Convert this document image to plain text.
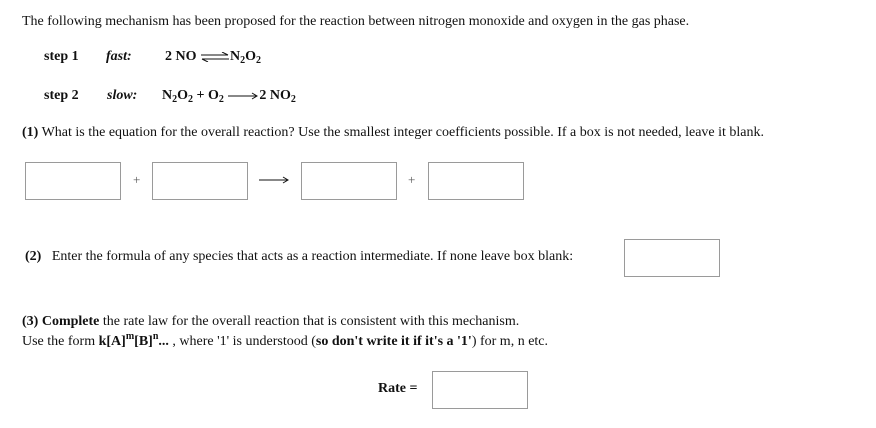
The following mechanism has been proposed for the reaction between nitrogen monoxide and oxygen in the gas phase.
step 1 fast: 2 NO $\rightleftharpoons N_2O_2$
step 2 slow: $N_2O_2 + O_2 \to 2$ $NO_2$
(1) What is the equation for the overall reaction? Use the smallest integer coefficients possible. If a box is not needed, leave it blank.
+	+
(2) Enter the formula of any species that acts as a reaction intermediate. If none leave box blank:
(3) Complete the rate law for the overall reaction that is consistent with this mechanism.
Use the form $k[A]^m[B]^n$... , where '1' is understood (so don't write it if it's a '1') for m, n etc.
Rate =
